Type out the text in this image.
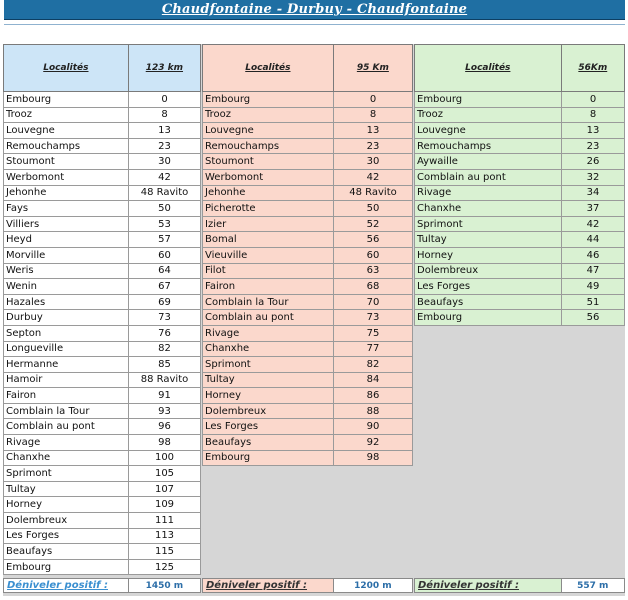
Chaudfontaine - Durbuy - Chaudfontaine
Localités	123 km
Embourg	0
Trooz	8
Louvegne	13
Remouchamps	23
Stoumont	30
Werbomont	42
Jehonhe	48 Ravito
Fays	50
Villiers	53
Heyd	57
Morville	60
Weris	64
Wenin	67
Hazales	69
Durbuy	73
Septon	76
Longueville	82
Hermanne	85
Hamoir	88 Ravito
Fairon	91
Comblain la Tour	93
Comblain au pont	96
Rivage	98
Chanxhe	100
Sprimont	105
Tultay	107
Horney	109
Dolembreux	111
Les Forges	113
Beaufays	115
Embourg	125
Déniveler positif :	1450 m
Localités	95 Km
Embourg	0
Trooz	8
Louvegne	13
Remouchamps	23
Stoumont	30
Werbomont	42
Jehonhe	48 Ravito
Picherotte	50
Izier	52
Bomal	56
Vieuville	60
Filot	63
Fairon	68
Comblain la Tour	70
Comblain au pont	73
Rivage	75
Chanxhe	77
Sprimont	82
Tultay	84
Horney	86
Dolembreux	88
Les Forges	90
Beaufays	92
Embourg	98
Déniveler positif :	1200 m
Localités	56Km
Embourg	0
Trooz	8
Louvegne	13
Remouchamps	23
Aywaille	26
Comblain au pont	32
Rivage	34
Chanxhe	37
Sprimont	42
Tultay	44
Horney	46
Dolembreux	47
Les Forges	49
Beaufays	51
Embourg	56
Déniveler positif :	557 m
